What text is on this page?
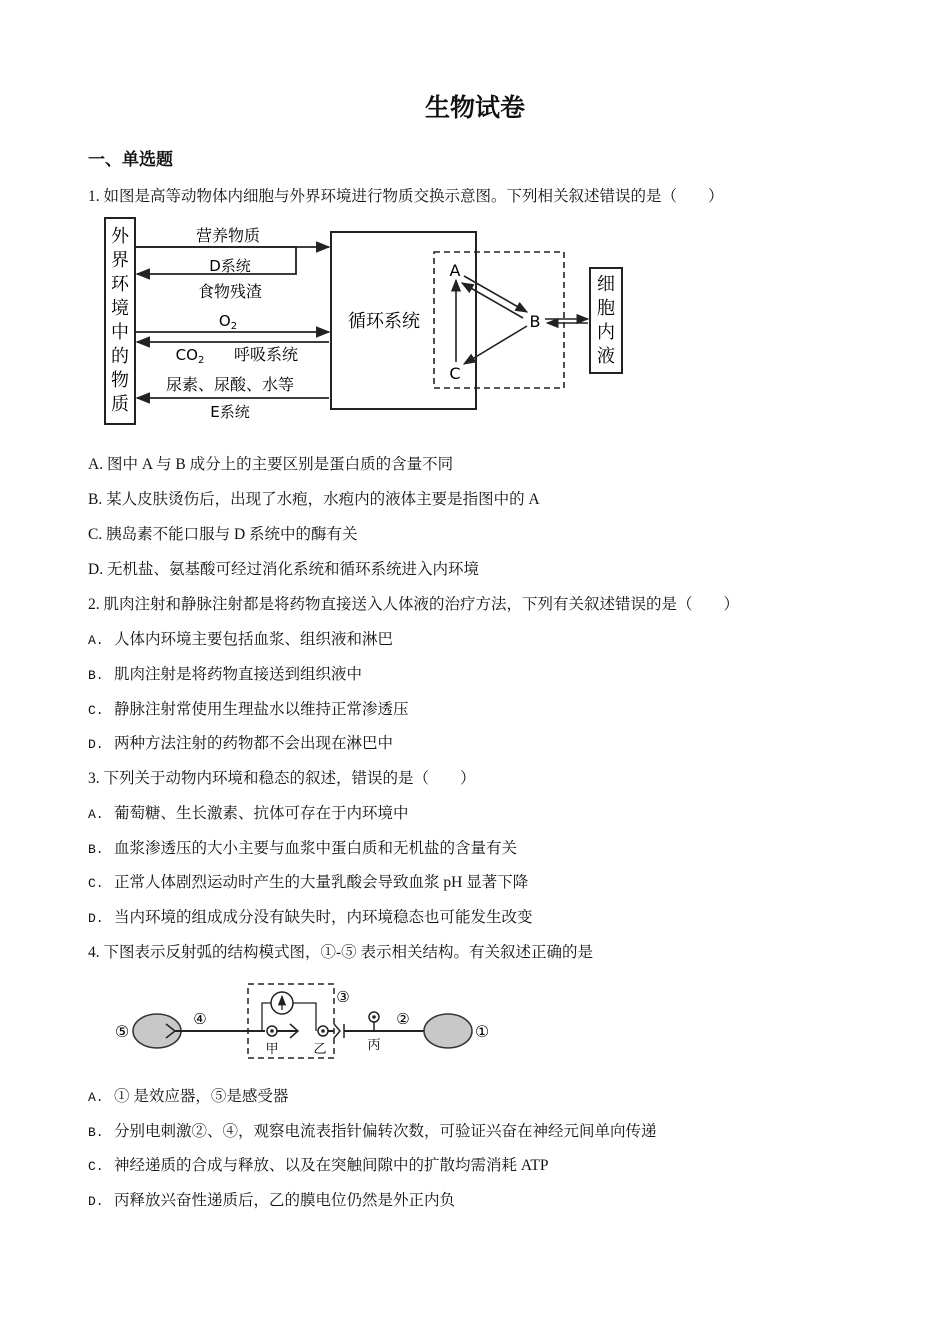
生物试卷
一、单选题
1. 如图是高等动物体内细胞与外界环境进行物质交换示意图。下列相关叙述错误的是（　　）
外
界
环
境
中
的
物
质
循环系统
营养物质
D系统
食物残渣
$O_2$
$CO_2$ 呼吸系统
尿素、尿酸、水等
E系统
A
B
C
细
胞
内
液
⑤
④
③
甲	乙	丙
②
①
A. 图中 A 与 B 成分上的主要区别是蛋白质的含量不同
B. 某人皮肤烫伤后，出现了水疱，水疱内的液体主要是指图中的 A
C. 胰岛素不能口服与 D 系统中的酶有关
D. 无机盐、氨基酸可经过消化系统和循环系统进入内环境
2. 肌肉注射和静脉注射都是将药物直接送入人体液的治疗方法，下列有关叙述错误的是（　　）
A. 人体内环境主要包括血浆、组织液和淋巴
B. 肌肉注射是将药物直接送到组织液中
C. 静脉注射常使用生理盐水以维持正常渗透压
D. 两种方法注射的药物都不会出现在淋巴中
3. 下列关于动物内环境和稳态的叙述，错误的是（　　）
A. 葡萄糖、生长激素、抗体可存在于内环境中
B. 血浆渗透压的大小主要与血浆中蛋白质和无机盐的含量有关
C. 正常人体剧烈运动时产生的大量乳酸会导致血浆 pH 显著下降
D. 当内环境的组成成分没有缺失时，内环境稳态也可能发生改变
4. 下图表示反射弧的结构模式图，①-⑤ 表示相关结构。有关叙述正确的是
A. ① 是效应器，⑤是感受器
B. 分别电刺激②、④，观察电流表指针偏转次数，可验证兴奋在神经元间单向传递
C. 神经递质的合成与释放、以及在突触间隙中的扩散均需消耗 ATP
D. 丙释放兴奋性递质后，乙的膜电位仍然是外正内负
